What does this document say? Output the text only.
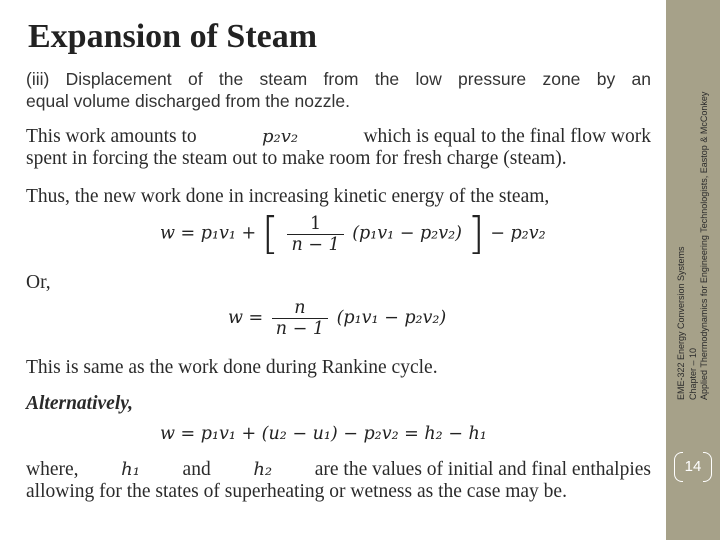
Expansion of Steam
(iii) Displacement of the steam from the low pressure zone by an
equal volume discharged from the nozzle.
This work amounts to	p₂v₂	which is equal to the final flow work
spent in forcing the steam out to make room for fresh charge (steam).
Thus, the new work done in increasing kinetic energy of the steam,
w = p₁v₁ + [ $\frac{1}{n - 1} (p_1v_1 - p_2v_2)$ ] − p₂v₂
Or,
$w = \frac{n}{n - 1} (p_1v_1 - p_2v_2)$
This is same as the work done during Rankine cycle.
Alternatively,
w = p₁v₁ + (u₂ − u₁) − p₂v₂ = h₂ − h₁
where, h₁ and h₂ are the values of initial and final enthalpies
allowing for the states of superheating or wetness as the case may be.
EME-322 Energy Conversion Systems Chapter – 10 Applied Thermodynamics for Engineering Technologists, Eastop & McConkey
14
